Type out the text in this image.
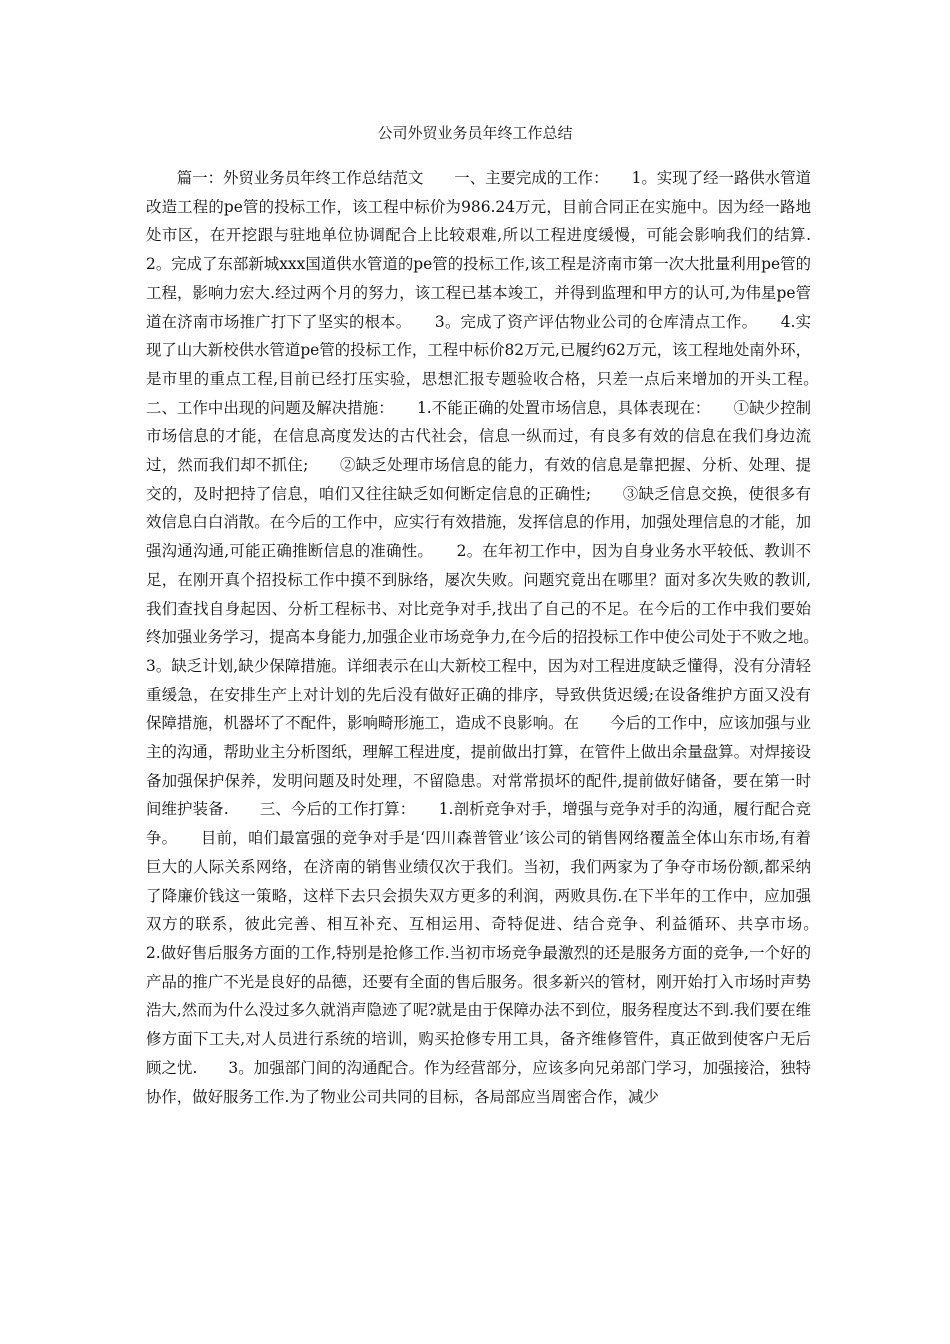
公司外贸业务员年终工作总结

篇一：外贸业务员年终工作总结范文　　一、主要完成的工作：　　1。实现了经一路供水管道改造工程的pe管的投标工作，该工程中标价为986.24万元，目前合同正在实施中。因为经一路地处市区，在开挖跟与驻地单位协调配合上比较艰难,所以工程进度缓慢，可能会影响我们的结算.　　2。完成了东部新城xxx国道供水管道的pe管的投标工作,该工程是济南市第一次大批量利用pe管的工程，影响力宏大.经过两个月的努力，该工程已基本竣工，并得到监理和甲方的认可,为伟星pe管道在济南市场推广打下了坚实的根本。　　3。完成了资产评估物业公司的仓库清点工作。　　4.实现了山大新校供水管道pe管的投标工作，工程中标价82万元,已履约62万元，该工程地处南外环，是市里的重点工程,目前已经打压实验，思想汇报专题验收合格，只差一点后来增加的开头工程。　　二、工作中出现的问题及解决措施：　　1.不能正确的处置市场信息，具体表现在：　　①缺少控制市场信息的才能，在信息高度发达的古代社会，信息一纵而过，有良多有效的信息在我们身边流过，然而我们却不抓住;　　②缺乏处理市场信息的能力，有效的信息是靠把握、分析、处理、提交的，及时把持了信息，咱们又往往缺乏如何断定信息的正确性;　　③缺乏信息交换，使很多有效信息白白消散。在今后的工作中，应实行有效措施，发挥信息的作用，加强处理信息的才能，加强沟通沟通,可能正确推断信息的准确性。　　2。在年初工作中，因为自身业务水平较低、教训不足，在刚开真个招投标工作中摸不到脉络，屡次失败。问题究竟出在哪里？面对多次失败的教训,我们查找自身起因、分析工程标书、对比竞争对手,找出了自己的不足。在今后的工作中我们要始终加强业务学习，提高本身能力,加强企业市场竞争力,在今后的招投标工作中使公司处于不败之地。　　3。缺乏计划,缺少保障措施。详细表示在山大新校工程中，因为对工程进度缺乏懂得，没有分清轻重缓急，在安排生产上对计划的先后没有做好正确的排序，导致供货迟缓;在设备维护方面又没有保障措施，机器坏了不配件，影响畸形施工，造成不良影响。在　　今后的工作中，应该加强与业主的沟通，帮助业主分析图纸，理解工程进度，提前做出打算，在管件上做出余量盘算。对焊接设备加强保护保养，发明问题及时处理，不留隐患。对常常损坏的配件,提前做好储备，要在第一时间维护装备.　　三、今后的工作打算：　　1.剖析竞争对手，增强与竞争对手的沟通，履行配合竞争。　　目前，咱们最富强的竞争对手是‘四川森普管业’该公司的销售网络覆盖全体山东市场,有着巨大的人际关系网络，在济南的销售业绩仅次于我们。当初，我们两家为了争夺市场份额,都采纳了降廉价钱这一策略，这样下去只会损失双方更多的利润，两败具伤.在下半年的工作中，应加强双方的联系，彼此完善、相互补充、互相运用、奇特促进、结合竞争、利益循环、共享市场。　　2.做好售后服务方面的工作,特别是抢修工作.当初市场竞争最激烈的还是服务方面的竞争,一个好的产品的推广不光是良好的品德，还要有全面的售后服务。很多新兴的管材，刚开始打入市场时声势浩大,然而为什么没过多久就消声隐迹了呢?就是由于保障办法不到位，服务程度达不到.我们要在维修方面下工夫,对人员进行系统的培训，购买抢修专用工具，备齐维修管件，真正做到使客户无后顾之忧.　　3。加强部门间的沟通配合。作为经营部分，应该多向兄弟部门学习，加强接洽，独特协作，做好服务工作.为了物业公司共同的目标，各局部应当周密合作，减少
